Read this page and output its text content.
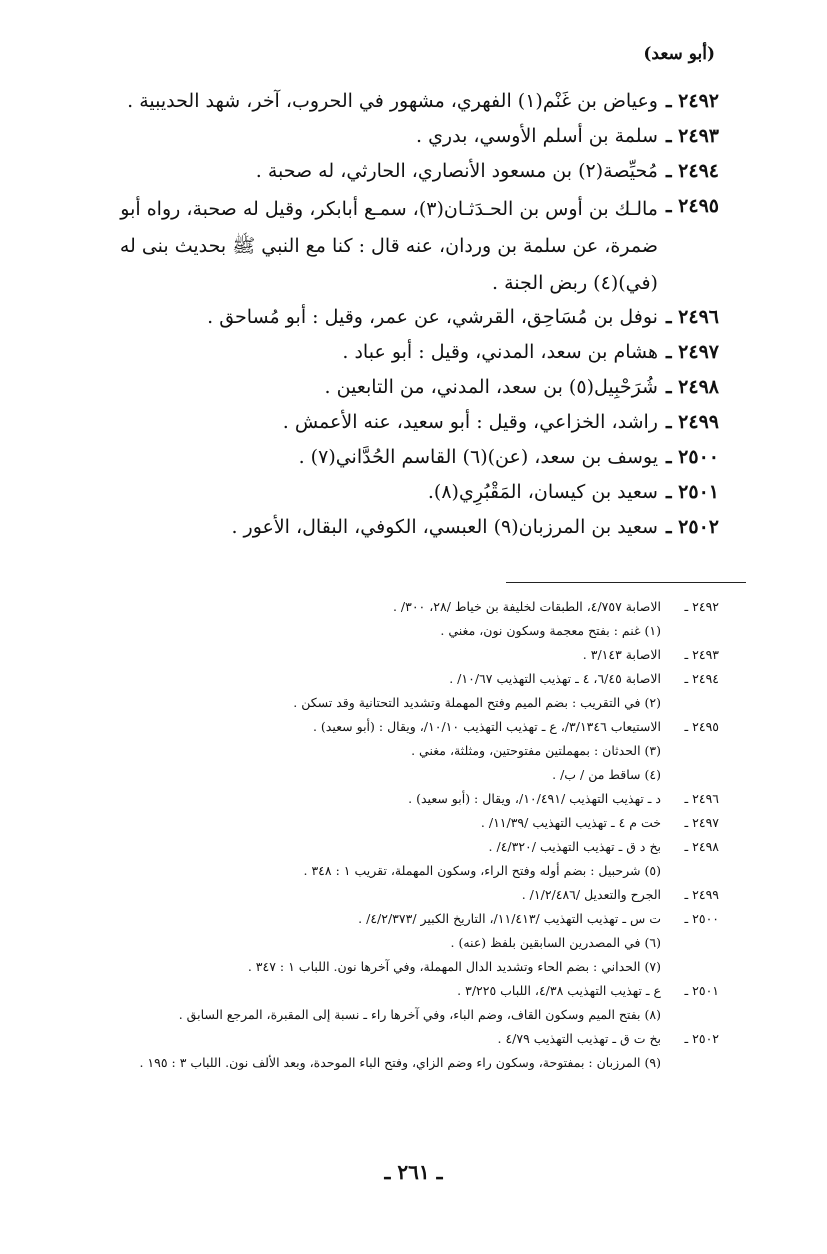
(أبو سعد)
٢٤٩٢ ـ
وعياض بن غَنْم(١) الفهري، مشهور في الحروب، آخر، شهد الحديبية .
٢٤٩٣ ـ
سلمة بن أسلم الأوسي، بدري .
٢٤٩٤ ـ
مُحيِّصة(٢) بن مسعود الأنصاري، الحارثي، له صحبة .
٢٤٩٥ ـ
مالـك بن أوس بن الحـدَثـان(٣)، سمـع أبابكر، وقيل له صحبة، رواه أبو ضمرة، عن سلمة بن وردان، عنه قال : كنا مع النبي ﷺ بحديث بنى له (في)(٤) ربض الجنة .
٢٤٩٦ ـ
نوفل بن مُسَاحِق، القرشي، عن عمر، وقيل : أبو مُساحق .
٢٤٩٧ ـ
هشام بن سعد، المدني، وقيل : أبو عباد .
٢٤٩٨ ـ
شُرَحْبِيل(٥) بن سعد، المدني، من التابعين .
٢٤٩٩ ـ
راشد، الخزاعي، وقيل : أبو سعيد، عنه الأعمش .
٢٥٠٠ ـ
يوسف بن سعد، (عن)(٦) القاسم الحُدَّاني(٧) .
٢٥٠١ ـ
سعيد بن كيسان، المَقْبُرِي(٨).
٢٥٠٢ ـ
سعيد بن المرزبان(٩) العبسي، الكوفي، البقال، الأعور .
٢٤٩٢ ـ
الاصابة ٤/٧٥٧، الطبقات لخليفة بن خياط /٢٨، ٣٠٠/ .
(١) غنم : بفتح معجمة وسكون نون، مغني .
٢٤٩٣ ـ
الاصابة ٣/١٤٣ .
٢٤٩٤ ـ
الاصابة ٦/٤٥، ٤ ـ تهذيب التهذيب ١٠/٦٧/ .
(٢) في التقريب : بضم الميم وفتح المهملة وتشديد التحتانية وقد تسكن .
٢٤٩٥ ـ
الاستيعاب ٣/١٣٤٦/، ع ـ تهذيب التهذيب ١٠/١٠/، ويقال : (أبو سعيد) .
(٣) الحدثان : بمهملتين مفتوحتين، ومثلثة، مغني .
(٤) ساقط من / ب/ .
٢٤٩٦ ـ
د ـ تهذيب التهذيب /١٠/٤٩١/، ويقال : (أبو سعيد) .
٢٤٩٧ ـ
خت م ٤ ـ تهذيب التهذيب /١١/٣٩/ .
٢٤٩٨ ـ
بخ د ق ـ تهذيب التهذيب /٤/٣٢٠/ .
(٥) شرحبيل : بضم أوله وفتح الراء، وسكون المهملة، تقريب ١ : ٣٤٨ .
٢٤٩٩ ـ
الجرح والتعديل /١/٢/٤٨٦/ .
٢٥٠٠ ـ
ت س ـ تهذيب التهذيب /١١/٤١٣/، التاريخ الكبير /٤/٢/٣٧٣/ .
(٦) في المصدرين السابقين بلفظ (عنه) .
(٧) الحداني : بضم الحاء وتشديد الدال المهملة، وفي آخرها نون. اللباب ١ : ٣٤٧ .
٢٥٠١ ـ
ع ـ تهذيب التهذيب ٤/٣٨، اللباب ٣/٢٢٥ .
(٨) بفتح الميم وسكون القاف، وضم الباء، وفي آخرها راء ـ نسبة إلى المقبرة، المرجع السابق .
٢٥٠٢ ـ
بخ ت ق ـ تهذيب التهذيب ٤/٧٩ .
(٩) المرزبان : بمفتوحة، وسكون راء وضم الزاي، وفتح الباء الموحدة، وبعد الألف نون. اللباب ٣ : ١٩٥ .
ـ ٢٦١ ـ
